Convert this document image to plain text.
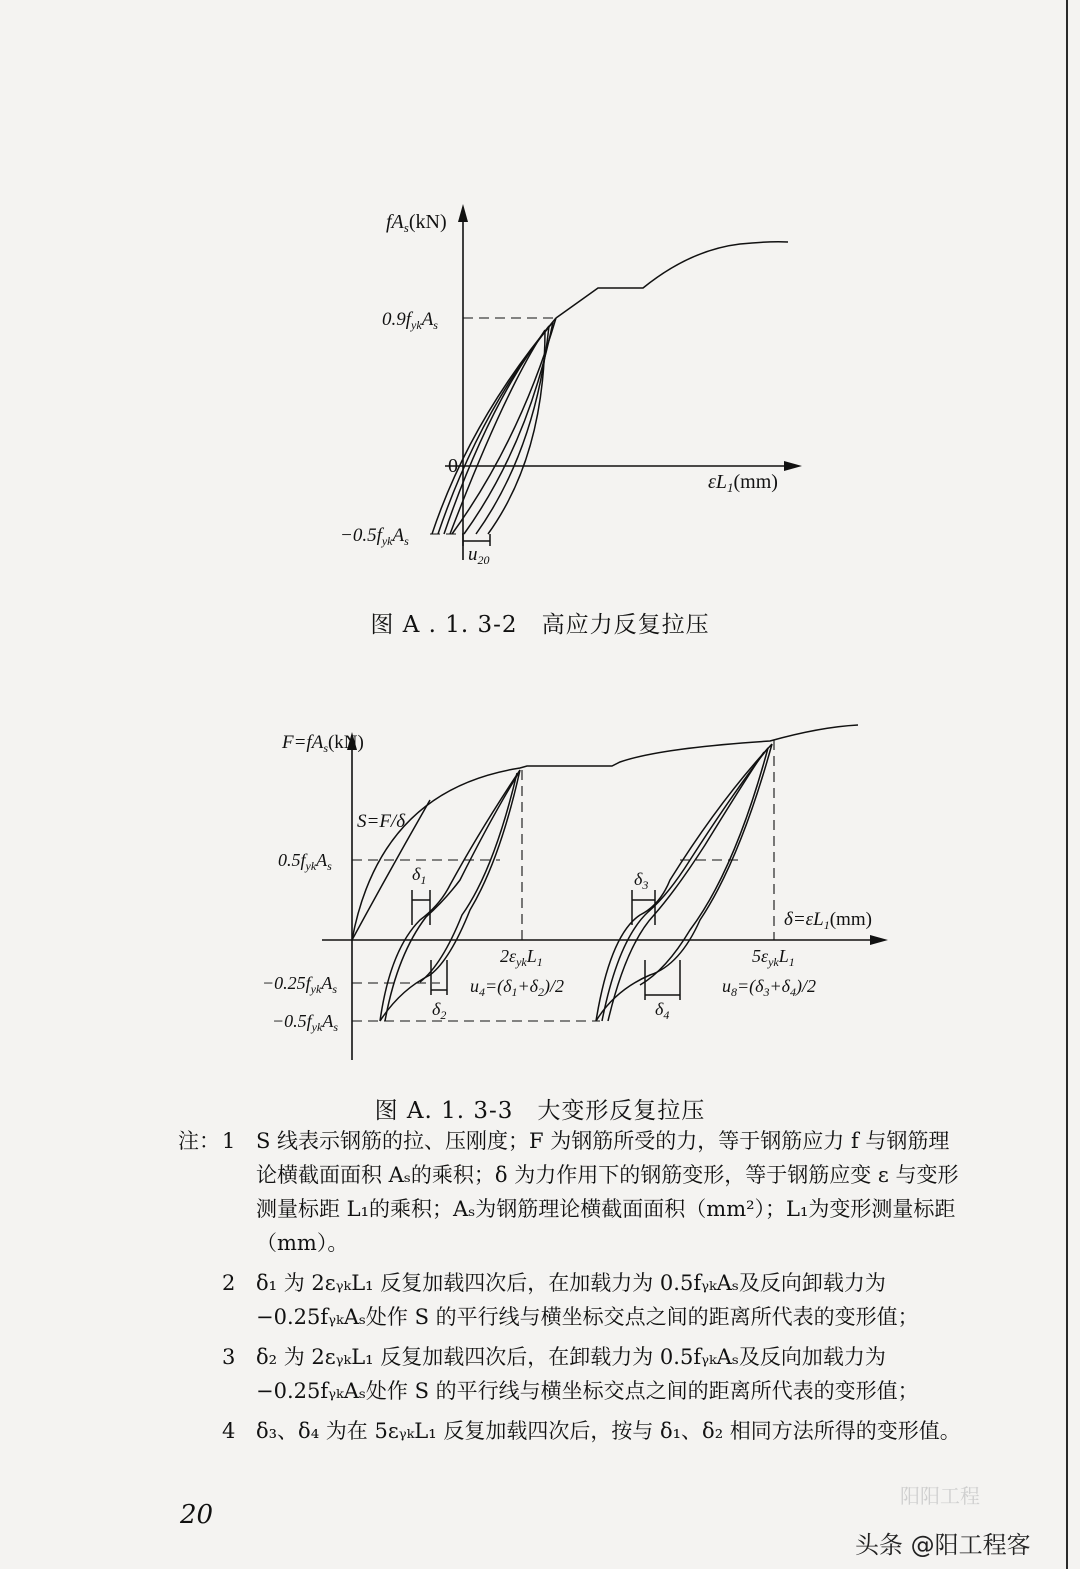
$fA_s(kN)$
$\varepsilon L_1(mm)$
0
$0.9f_{yk}A_s$
$-0.5f_{yk}A_s$
$u_{20}$
图 A . 1. 3-2　高应力反复拉压
$F=fA_s(kN)$
$\delta=\varepsilon L_1(mm)$
S=F/δ
$0.5f_{yk}A_s$
$-0.25f_{yk}A_s$
$-0.5f_{yk}A_s$
$2\varepsilon_{yk}L_1$	$5\varepsilon_{yk}L_1$
$\delta_1$
$\delta_2$
$\delta_3$
$\delta_4$
$u_4=(\delta_1+\delta_2)/2$	$u_8=(\delta_3+\delta_4)/2$
图 A. 1. 3-3　大变形反复拉压
注： 1 S 线表示钢筋的拉、压刚度；F 为钢筋所受的力，等于钢筋应力 f 与钢筋理论横截面面积 Aₛ的乘积；δ 为力作用下的钢筋变形，等于钢筋应变 ε 与变形测量标距 L₁的乘积；Aₛ为钢筋理论横截面面积（mm²）；L₁为变形测量标距（mm）。
2 δ₁ 为 2εᵧₖL₁ 反复加载四次后，在加载力为 0.5fᵧₖAₛ及反向卸载力为 −0.25fᵧₖAₛ处作 S 的平行线与横坐标交点之间的距离所代表的变形值；
3 δ₂ 为 2εᵧₖL₁ 反复加载四次后，在卸载力为 0.5fᵧₖAₛ及反向加载力为 −0.25fᵧₖAₛ处作 S 的平行线与横坐标交点之间的距离所代表的变形值；
4 δ₃、δ₄ 为在 5εᵧₖL₁ 反复加载四次后，按与 δ₁、δ₂ 相同方法所得的变形值。
20
阳阳工程
头条 @阳工程客
